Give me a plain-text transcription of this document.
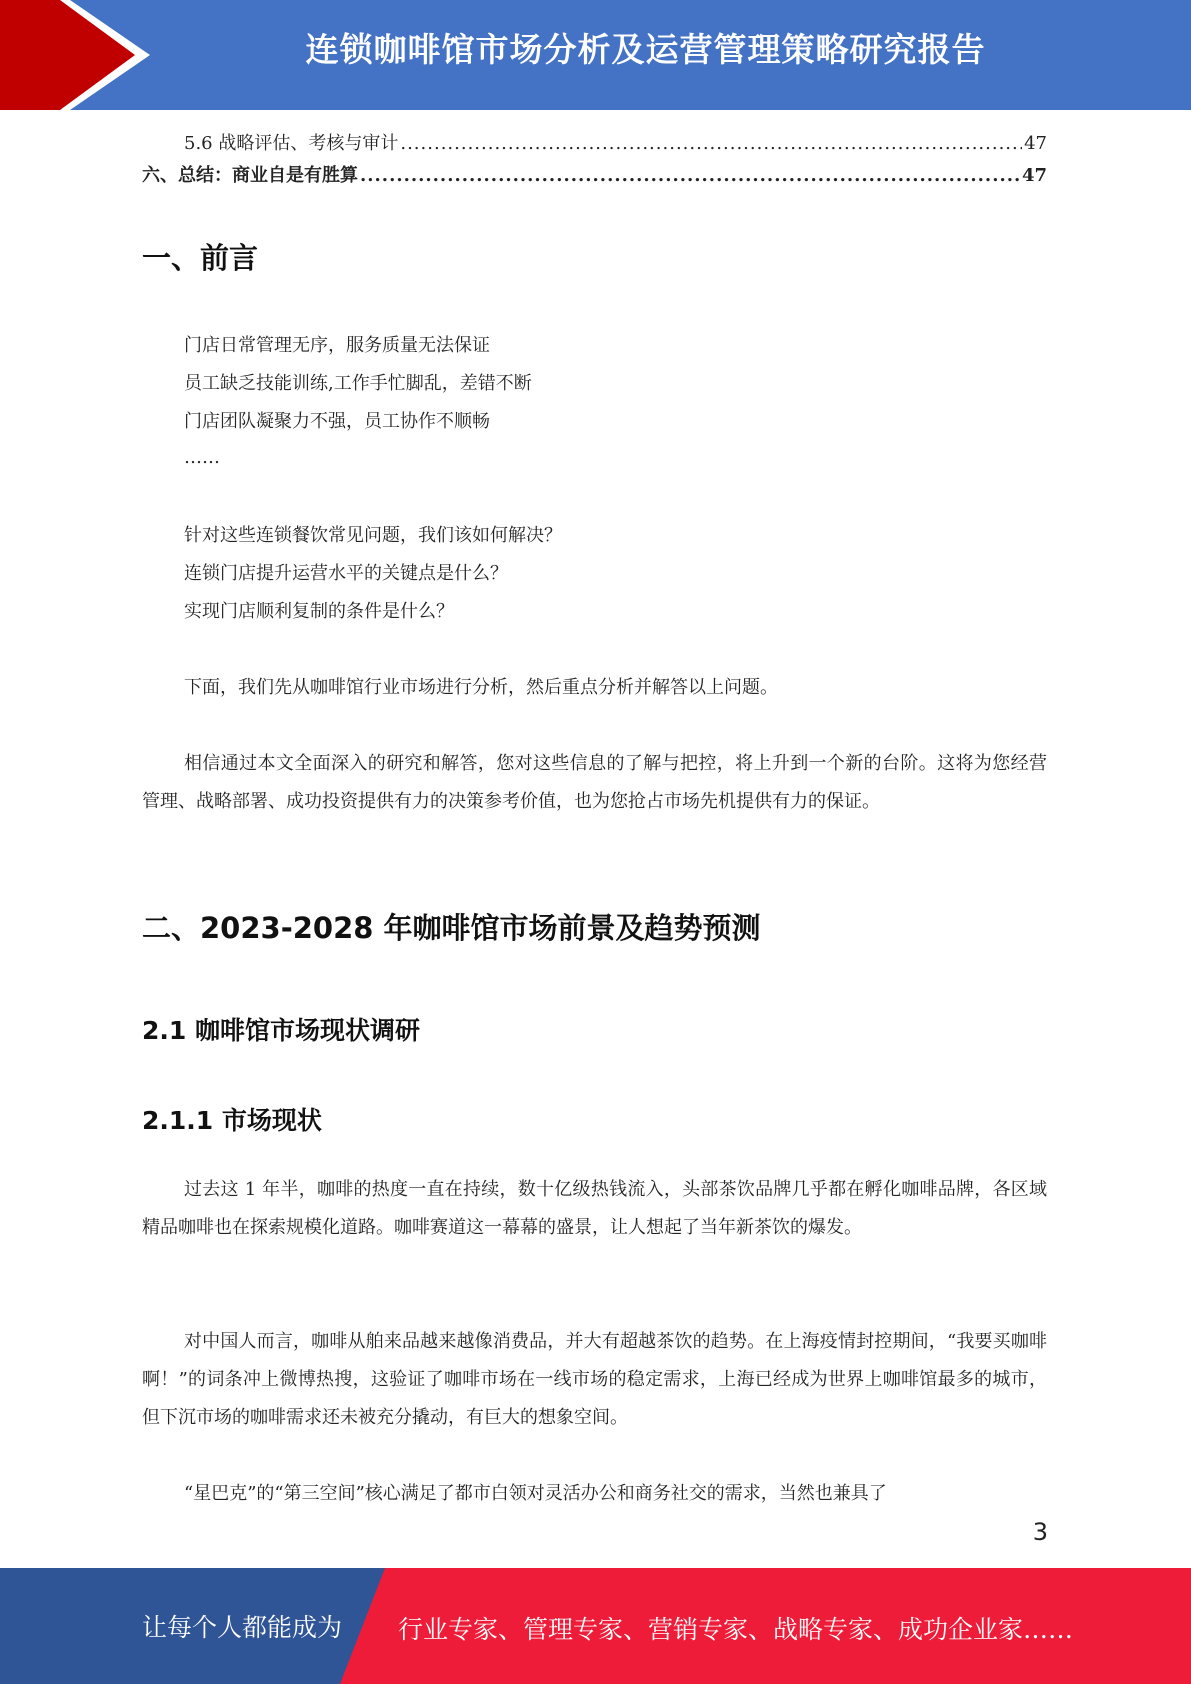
连锁咖啡馆市场分析及运营管理策略研究报告
5.6 战略评估、考核与审计 .....	47
六、总结：商业自是有胜算 .....	47
一、前言
门店日常管理无序，服务质量无法保证
员工缺乏技能训练,工作手忙脚乱，差错不断
门店团队凝聚力不强，员工协作不顺畅
……
针对这些连锁餐饮常见问题，我们该如何解决？
连锁门店提升运营水平的关键点是什么？
实现门店顺利复制的条件是什么？
下面，我们先从咖啡馆行业市场进行分析，然后重点分析并解答以上问题。
相信通过本文全面深入的研究和解答，您对这些信息的了解与把控，将上升到一个新的台阶。这将为您经营管理、战略部署、成功投资提供有力的决策参考价值，也为您抢占市场先机提供有力的保证。
二、2023-2028 年咖啡馆市场前景及趋势预测
2.1 咖啡馆市场现状调研
2.1.1 市场现状
过去这 1 年半，咖啡的热度一直在持续，数十亿级热钱流入，头部茶饮品牌几乎都在孵化咖啡品牌，各区域精品咖啡也在探索规模化道路。咖啡赛道这一幕幕的盛景，让人想起了当年新茶饮的爆发。
对中国人而言，咖啡从舶来品越来越像消费品，并大有超越茶饮的趋势。在上海疫情封控期间，“我要买咖啡啊！”的词条冲上微博热搜，这验证了咖啡市场在一线市场的稳定需求，上海已经成为世界上咖啡馆最多的城市，但下沉市场的咖啡需求还未被充分撬动，有巨大的想象空间。
“星巴克”的“第三空间”核心满足了都市白领对灵活办公和商务社交的需求，当然也兼具了
3
让每个人都能成为 行业专家、管理专家、营销专家、战略专家、成功企业家……
